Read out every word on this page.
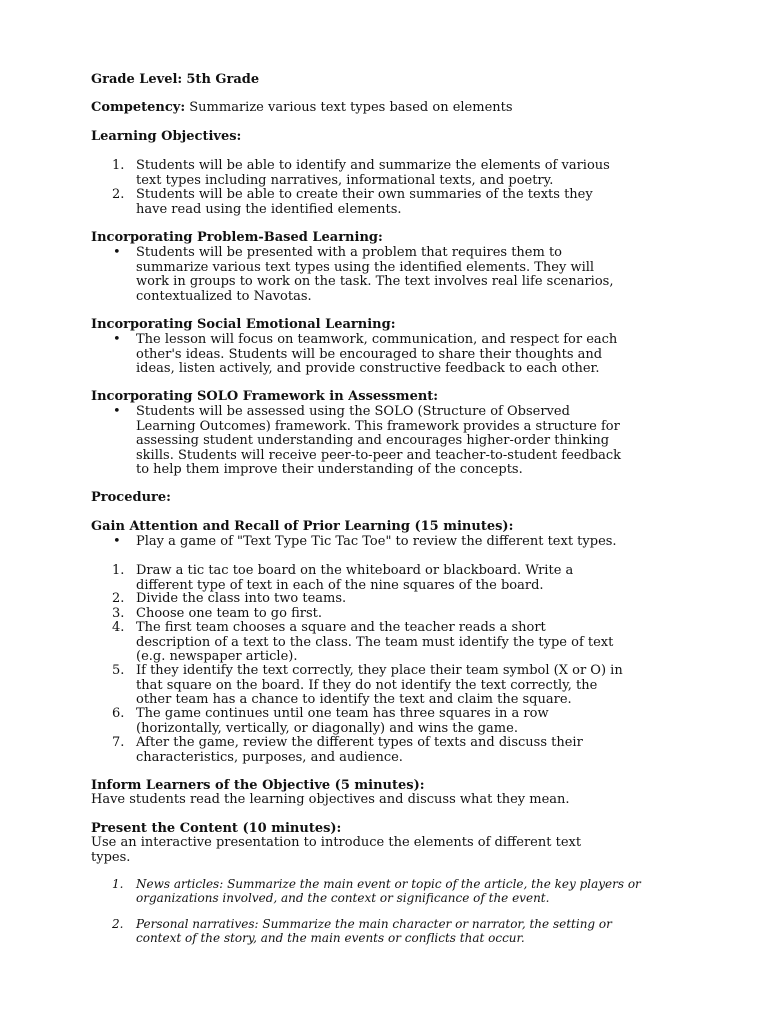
Grade Level: 5th Grade

Competency: Summarize various text types based on elements

Learning Objectives:

1. Students will be able to identify and summarize the elements of various
text types including narratives, informational texts, and poetry.

2. Students will be able to create their own summaries of the texts they
have read using the identified elements.

Incorporating Problem-Based Learning:

• Students will be presented with a problem that requires them to
summarize various text types using the identified elements. They will
work in groups to work on the task. The text involves real life scenarios,
contextualized to Navotas.

Incorporating Social Emotional Learning:

• The lesson will focus on teamwork, communication, and respect for each
other's ideas. Students will be encouraged to share their thoughts and
ideas, listen actively, and provide constructive feedback to each other.

Incorporating SOLO Framework in Assessment:

• Students will be assessed using the SOLO (Structure of Observed
Learning Outcomes) framework. This framework provides a structure for
assessing student understanding and encourages higher-order thinking
skills. Students will receive peer-to-peer and teacher-to-student feedback
to help them improve their understanding of the concepts.

Procedure:

Gain Attention and Recall of Prior Learning (15 minutes):

• Play a game of "Text Type Tic Tac Toe" to review the different text types.

1. Draw a tic tac toe board on the whiteboard or blackboard. Write a
different type of text in each of the nine squares of the board.

2. Divide the class into two teams.

3. Choose one team to go first.

4. The first team chooses a square and the teacher reads a short
description of a text to the class. The team must identify the type of text
(e.g. newspaper article).

5. If they identify the text correctly, they place their team symbol (X or O) in
that square on the board. If they do not identify the text correctly, the
other team has a chance to identify the text and claim the square.

6. The game continues until one team has three squares in a row
(horizontally, vertically, or diagonally) and wins the game.

7. After the game, review the different types of texts and discuss their
characteristics, purposes, and audience.

Inform Learners of the Objective (5 minutes):

Have students read the learning objectives and discuss what they mean.

Present the Content (10 minutes):

Use an interactive presentation to introduce the elements of different text
types.

1. News articles: Summarize the main event or topic of the article, the key players or
organizations involved, and the context or significance of the event.

2. Personal narratives: Summarize the main character or narrator, the setting or
context of the story, and the main events or conflicts that occur.
